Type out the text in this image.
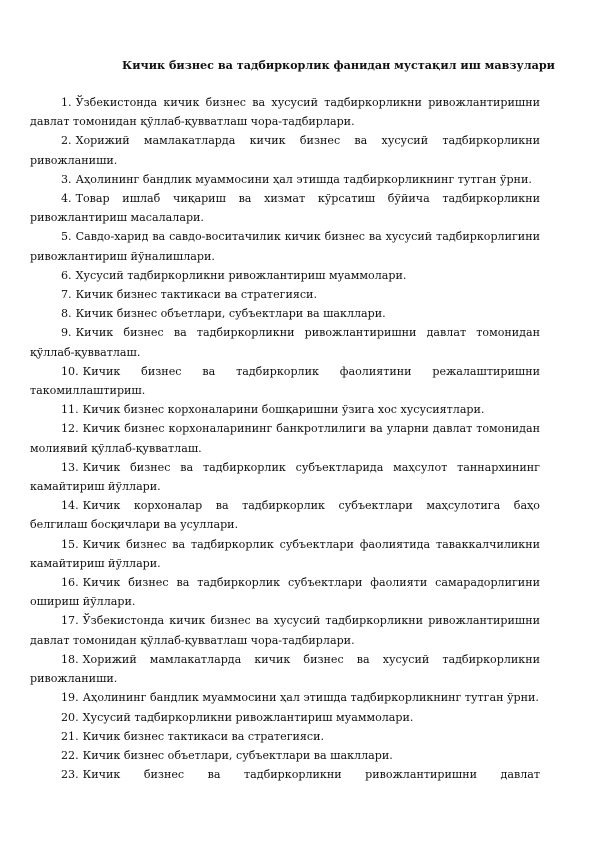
Кичик бизнес ва тадбиркорлик фанидан мустақил иш мавзулари
1. Ўзбекистонда кичик бизнес ва хусусий тадбиркорликни ривожлантиришни давлат томонидан қўллаб-қувватлаш чора-тадбирлари.
2. Хорижий мамлакатларда кичик бизнес ва хусусий тадбиркорликни ривожланиши.
3. Аҳолининг бандлик муаммосини ҳал этишда тадбиркорликнинг тутган ўрни.
4. Товар ишлаб чиқариш ва хизмат кўрсатиш бўйича тадбиркорликни ривожлантириш масалалари.
5. Савдо-харид ва савдо-воситачилик кичик бизнес ва хусусий тадбиркорлигини ривожлантириш йўналишлари.
6. Хусусий тадбиркорликни ривожлантириш муаммолари.
7. Кичик бизнес тактикаси ва стратегияси.
8. Кичик бизнес объетлари, субъектлари ва шакллари.
9. Кичик бизнес ва тадбиркорликни ривожлантиришни давлат томонидан қўллаб-қувватлаш.
10. Кичик бизнес ва тадбиркорлик фаолиятини режалаштиришни такомиллаштириш.
11. Кичик бизнес корхоналарини бошқаришни ўзига хос хусусиятлари.
12. Кичик бизнес корхоналарининг банкротлилиги ва уларни давлат томонидан молиявий қўллаб-қувватлаш.
13. Кичик бизнес ва тадбиркорлик субъектларида маҳсулот таннархининг камайтириш йўллари.
14. Кичик корхоналар ва тадбиркорлик субъектлари маҳсулотига баҳо белгилаш босқичлари ва усуллари.
15. Кичик бизнес ва тадбиркорлик субъектлари фаолиятида таваккалчиликни камайтириш йўллари.
16. Кичик бизнес ва тадбиркорлик субъектлари фаолияти самарадорлигини ошириш йўллари.
17. Ўзбекистонда кичик бизнес ва хусусий тадбиркорликни ривожлантиришни давлат томонидан қўллаб-қувватлаш чора-тадбирлари.
18. Хорижий мамлакатларда кичик бизнес ва хусусий тадбиркорликни ривожланиши.
19. Аҳолининг бандлик муаммосини ҳал этишда тадбиркорликнинг тутган ўрни.
20. Хусусий тадбиркорликни ривожлантириш муаммолари.
21. Кичик бизнес тактикаси ва стратегияси.
22. Кичик бизнес объетлари, субъектлари ва шакллари.
23. Кичик бизнес ва тадбиркорликни ривожлантиришни давлат
